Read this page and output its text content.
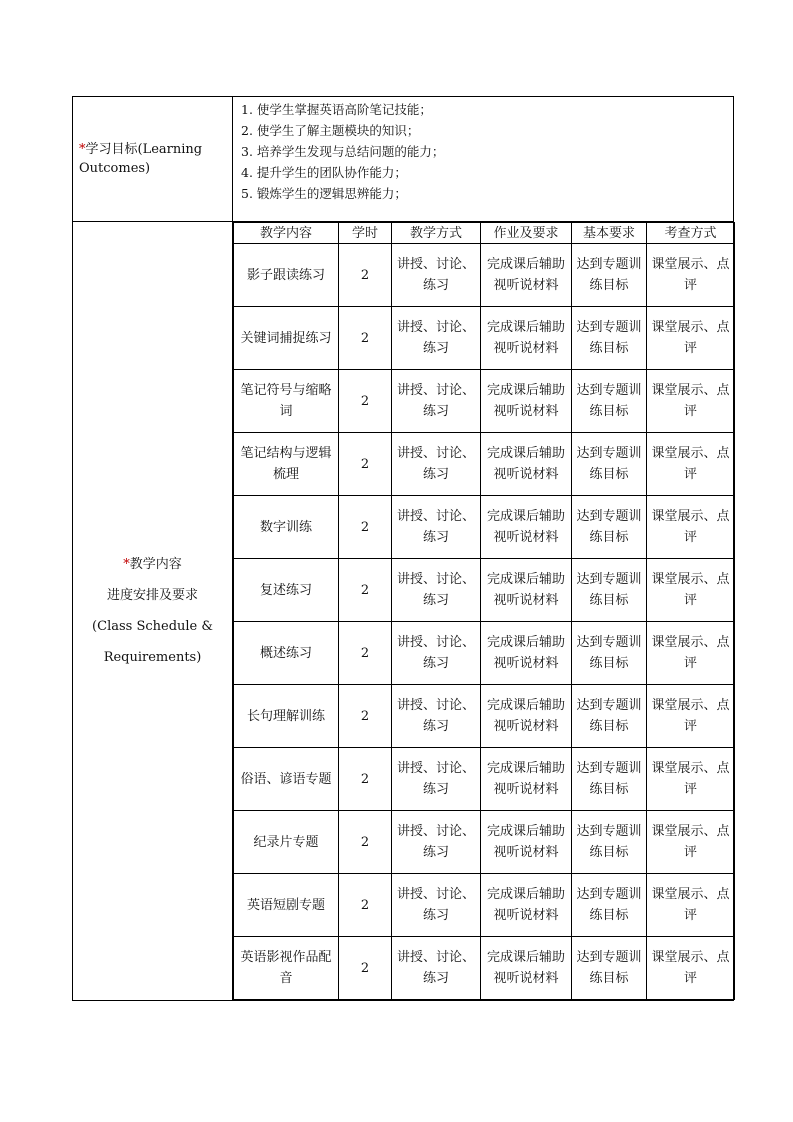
*学习目标(Learning Outcomes)	
1. 使学生掌握英语高阶笔记技能；
2. 使学生了解主题模块的知识；
3. 培养学生发现与总结问题的能力；
4. 提升学生的团队协作能力；
5. 锻炼学生的逻辑思辨能力；

*教学内容
进度安排及要求
(Class Schedule &
Requirements)

教学内容	学时	教学方式	作业及要求	基本要求	考查方式
影子跟读练习	2	讲授、讨论、练习	完成课后辅助视听说材料	达到专题训练目标	课堂展示、点评
关键词捕捉练习	2	讲授、讨论、练习	完成课后辅助视听说材料	达到专题训练目标	课堂展示、点评
笔记符号与缩略词	2	讲授、讨论、练习	完成课后辅助视听说材料	达到专题训练目标	课堂展示、点评
笔记结构与逻辑梳理	2	讲授、讨论、练习	完成课后辅助视听说材料	达到专题训练目标	课堂展示、点评
数字训练	2	讲授、讨论、练习	完成课后辅助视听说材料	达到专题训练目标	课堂展示、点评
复述练习	2	讲授、讨论、练习	完成课后辅助视听说材料	达到专题训练目标	课堂展示、点评
概述练习	2	讲授、讨论、练习	完成课后辅助视听说材料	达到专题训练目标	课堂展示、点评
长句理解训练	2	讲授、讨论、练习	完成课后辅助视听说材料	达到专题训练目标	课堂展示、点评
俗语、谚语专题	2	讲授、讨论、练习	完成课后辅助视听说材料	达到专题训练目标	课堂展示、点评
纪录片专题	2	讲授、讨论、练习	完成课后辅助视听说材料	达到专题训练目标	课堂展示、点评
英语短剧专题	2	讲授、讨论、练习	完成课后辅助视听说材料	达到专题训练目标	课堂展示、点评
英语影视作品配音	2	讲授、讨论、练习	完成课后辅助视听说材料	达到专题训练目标	课堂展示、点评
